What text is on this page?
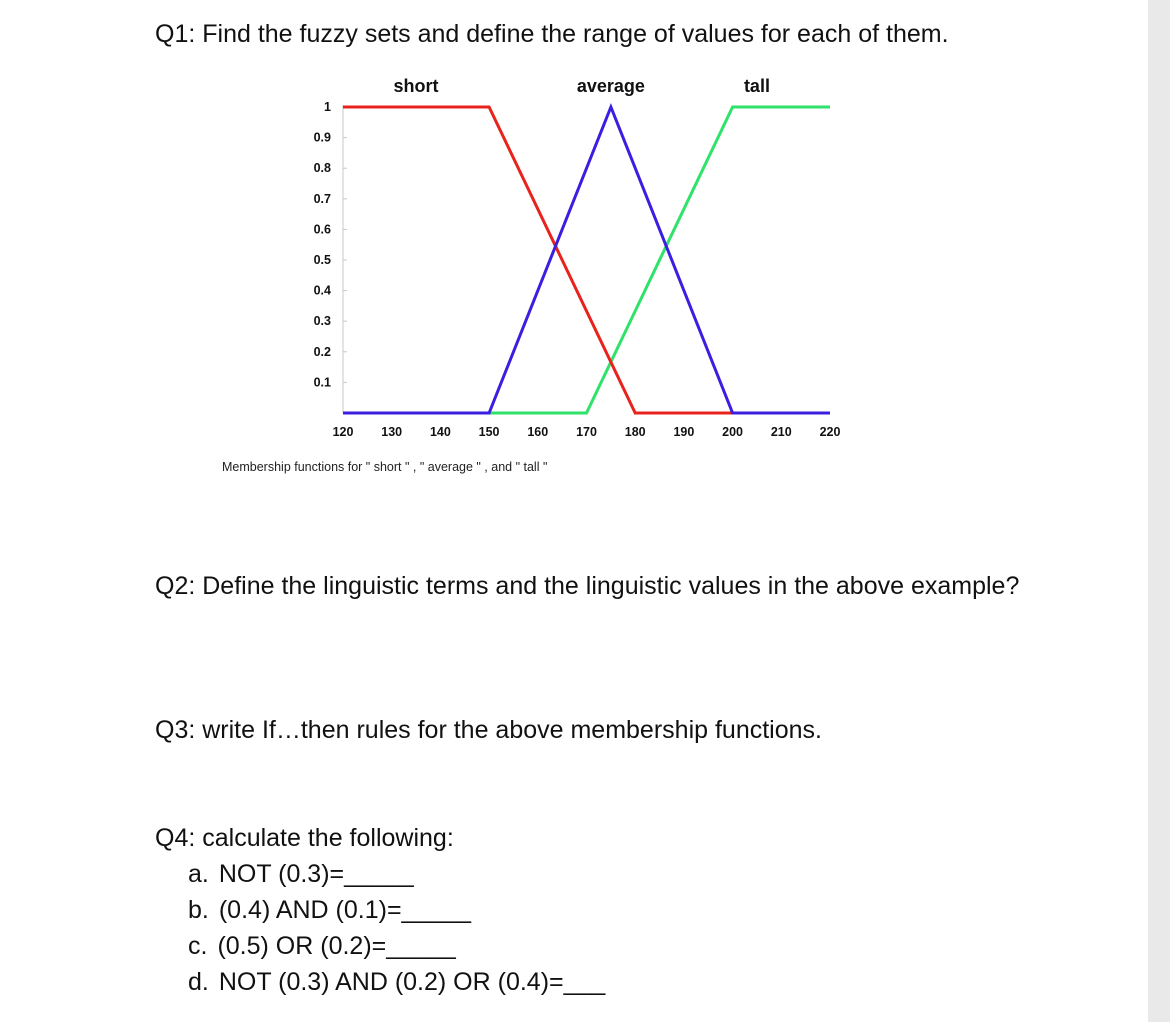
Q1: Find the fuzzy sets and define the range of values for each of them.

0.1
0.2
0.3
0.4
0.5
0.6
0.7
0.8
0.9
1
120 130 140 150 160 170 180 190 200 210 220
short	average	tall
Membership functions for " short " , " average " , and " tall "

Q2: Define the linguistic terms and the linguistic values in the above example?

Q3: write If…then rules for the above membership functions.

Q4: calculate the following:

a. NOT (0.3)=_____
b. (0.4) AND (0.1)=_____
c. (0.5) OR (0.2)=_____
d. NOT (0.3) AND (0.2) OR (0.4)=___
